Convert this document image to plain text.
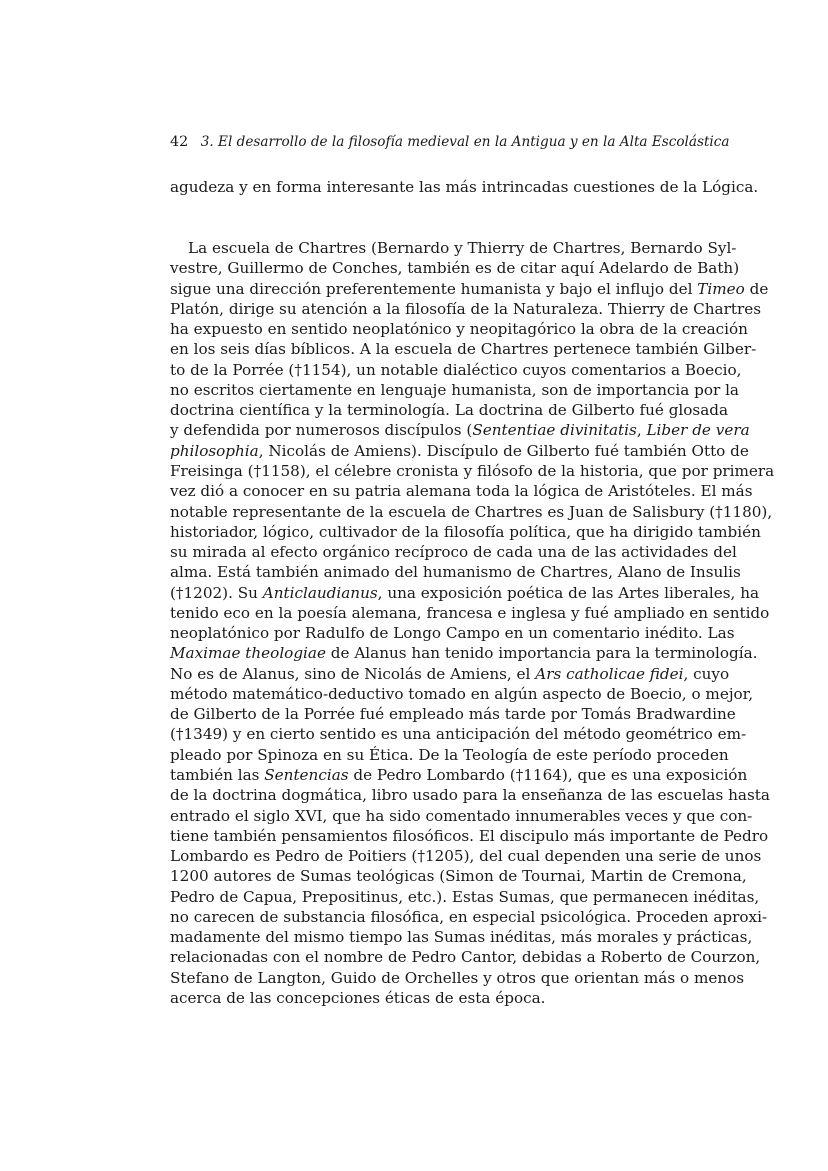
42 3. El desarrollo de la filosofía medieval en la Antigua y en la Alta Escolástica
agudeza y en forma interesante las más intrincadas cuestiones de la Lógica.
La escuela de Chartres (Bernardo y Thierry de Chartres, Bernardo Syl-
vestre, Guillermo de Conches, también es de citar aquí Adelardo de Bath)
sigue una dirección preferentemente humanista y bajo el influjo del Timeo de
Platón, dirige su atención a la filosofía de la Naturaleza. Thierry de Chartres
ha expuesto en sentido neoplatónico y neopitagórico la obra de la creación
en los seis días bíblicos. A la escuela de Chartres pertenece también Gilber-
to de la Porrée (†1154), un notable dialéctico cuyos comentarios a Boecio,
no escritos ciertamente en lenguaje humanista, son de importancia por la
doctrina científica y la terminología. La doctrina de Gilberto fué glosada
y defendida por numerosos discípulos (Sententiae divinitatis, Liber de vera
philosophia, Nicolás de Amiens). Discípulo de Gilberto fué también Otto de
Freisinga (†1158), el célebre cronista y filósofo de la historia, que por primera
vez dió a conocer en su patria alemana toda la lógica de Aristóteles. El más
notable representante de la escuela de Chartres es Juan de Salisbury (†1180),
historiador, lógico, cultivador de la filosofía política, que ha dirigido también
su mirada al efecto orgánico recíproco de cada una de las actividades del
alma. Está también animado del humanismo de Chartres, Alano de Insulis
(†1202). Su Anticlaudianus, una exposición poética de las Artes liberales, ha
tenido eco en la poesía alemana, francesa e inglesa y fué ampliado en sentido
neoplatónico por Radulfo de Longo Campo en un comentario inédito. Las
Maximae theologiae de Alanus han tenido importancia para la terminología.
No es de Alanus, sino de Nicolás de Amiens, el Ars catholicae fidei, cuyo
método matemático-deductivo tomado en algún aspecto de Boecio, o mejor,
de Gilberto de la Porrée fué empleado más tarde por Tomás Bradwardine
(†1349) y en cierto sentido es una anticipación del método geométrico em-
pleado por Spinoza en su Ética. De la Teología de este período proceden
también las Sentencias de Pedro Lombardo (†1164), que es una exposición
de la doctrina dogmática, libro usado para la enseñanza de las escuelas hasta
entrado el siglo XVI, que ha sido comentado innumerables veces y que con-
tiene también pensamientos filosóficos. El discipulo más importante de Pedro
Lombardo es Pedro de Poitiers (†1205), del cual dependen una serie de unos
1200 autores de Sumas teológicas (Simon de Tournai, Martin de Cremona,
Pedro de Capua, Prepositinus, etc.). Estas Sumas, que permanecen inéditas,
no carecen de substancia filosófica, en especial psicológica. Proceden aproxi-
madamente del mismo tiempo las Sumas inéditas, más morales y prácticas,
relacionadas con el nombre de Pedro Cantor, debidas a Roberto de Courzon,
Stefano de Langton, Guido de Orchelles y otros que orientan más o menos
acerca de las concepciones éticas de esta época.
